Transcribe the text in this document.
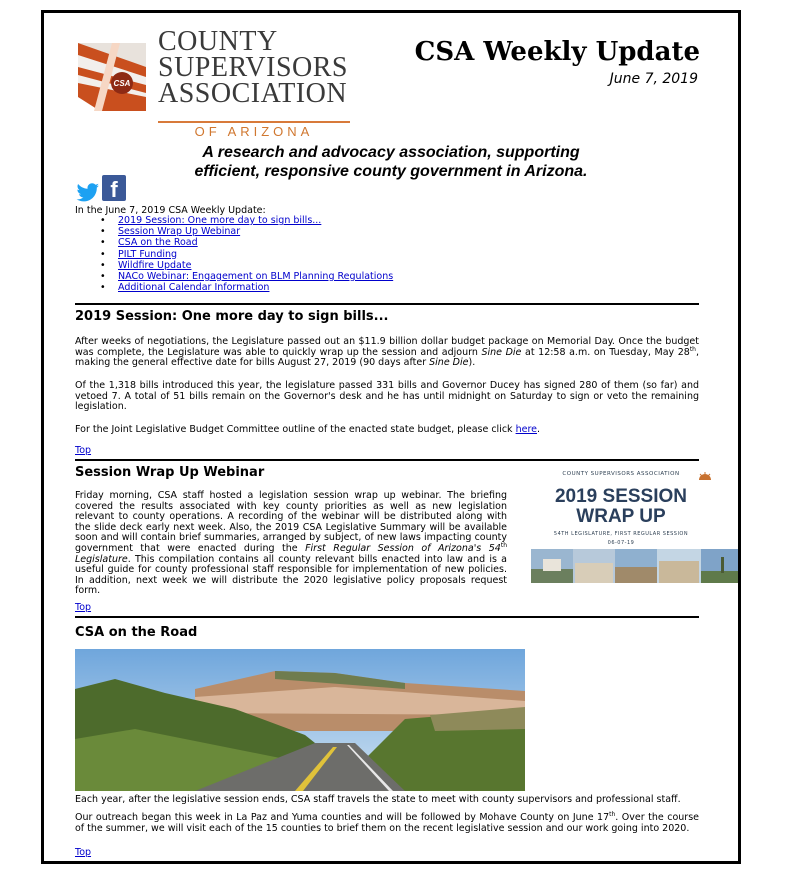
CSA
COUNTY
SUPERVISORS
ASSOCIATION
OF ARIZONA
CSA Weekly Update
June 7, 2019
A research and advocacy association, supporting
efficient, responsive county government in Arizona.
f
In the June 7, 2019 CSA Weekly Update:
• 2019 Session: One more day to sign bills...
• Session Wrap Up Webinar
• CSA on the Road
• PILT Funding
• Wildfire Update
• NACo Webinar: Engagement on BLM Planning Regulations
• Additional Calendar Information
2019 Session: One more day to sign bills...
After weeks of negotiations, the Legislature passed out an $11.9 billion dollar budget package on Memorial Day. Once the budget was complete, the Legislature was able to quickly wrap up the session and adjourn Sine Die at 12:58 a.m. on Tuesday, May 28th, making the general effective date for bills August 27, 2019 (90 days after Sine Die).
Of the 1,318 bills introduced this year, the legislature passed 331 bills and Governor Ducey has signed 280 of them (so far) and vetoed 7. A total of 51 bills remain on the Governor's desk and he has until midnight on Saturday to sign or veto the remaining legislation.
For the Joint Legislative Budget Committee outline of the enacted state budget, please click here.
Top
Session Wrap Up Webinar
Friday morning, CSA staff hosted a legislation session wrap up webinar. The briefing covered the results associated with key county priorities as well as new legislation relevant to county operations. A recording of the webinar will be distributed along with the slide deck early next week. Also, the 2019 CSA Legislative Summary will be available soon and will contain brief summaries, arranged by subject, of new laws impacting county government that were enacted during the First Regular Session of Arizona's 54th Legislature. This compilation contains all county relevant bills enacted into law and is a useful guide for county professional staff responsible for implementation of new policies. In addition, next week we will distribute the 2020 legislative policy proposals request form.
COUNTY SUPERVISORS ASSOCIATION
2019 SESSION
WRAP UP
54TH LEGISLATURE, FIRST REGULAR SESSION
06-07-19
Top
CSA on the Road
Each year, after the legislative session ends, CSA staff travels the state to meet with county supervisors and professional staff.
Our outreach began this week in La Paz and Yuma counties and will be followed by Mohave County on June 17th. Over the course of the summer, we will visit each of the 15 counties to brief them on the recent legislative session and our work going into 2020.
Top
